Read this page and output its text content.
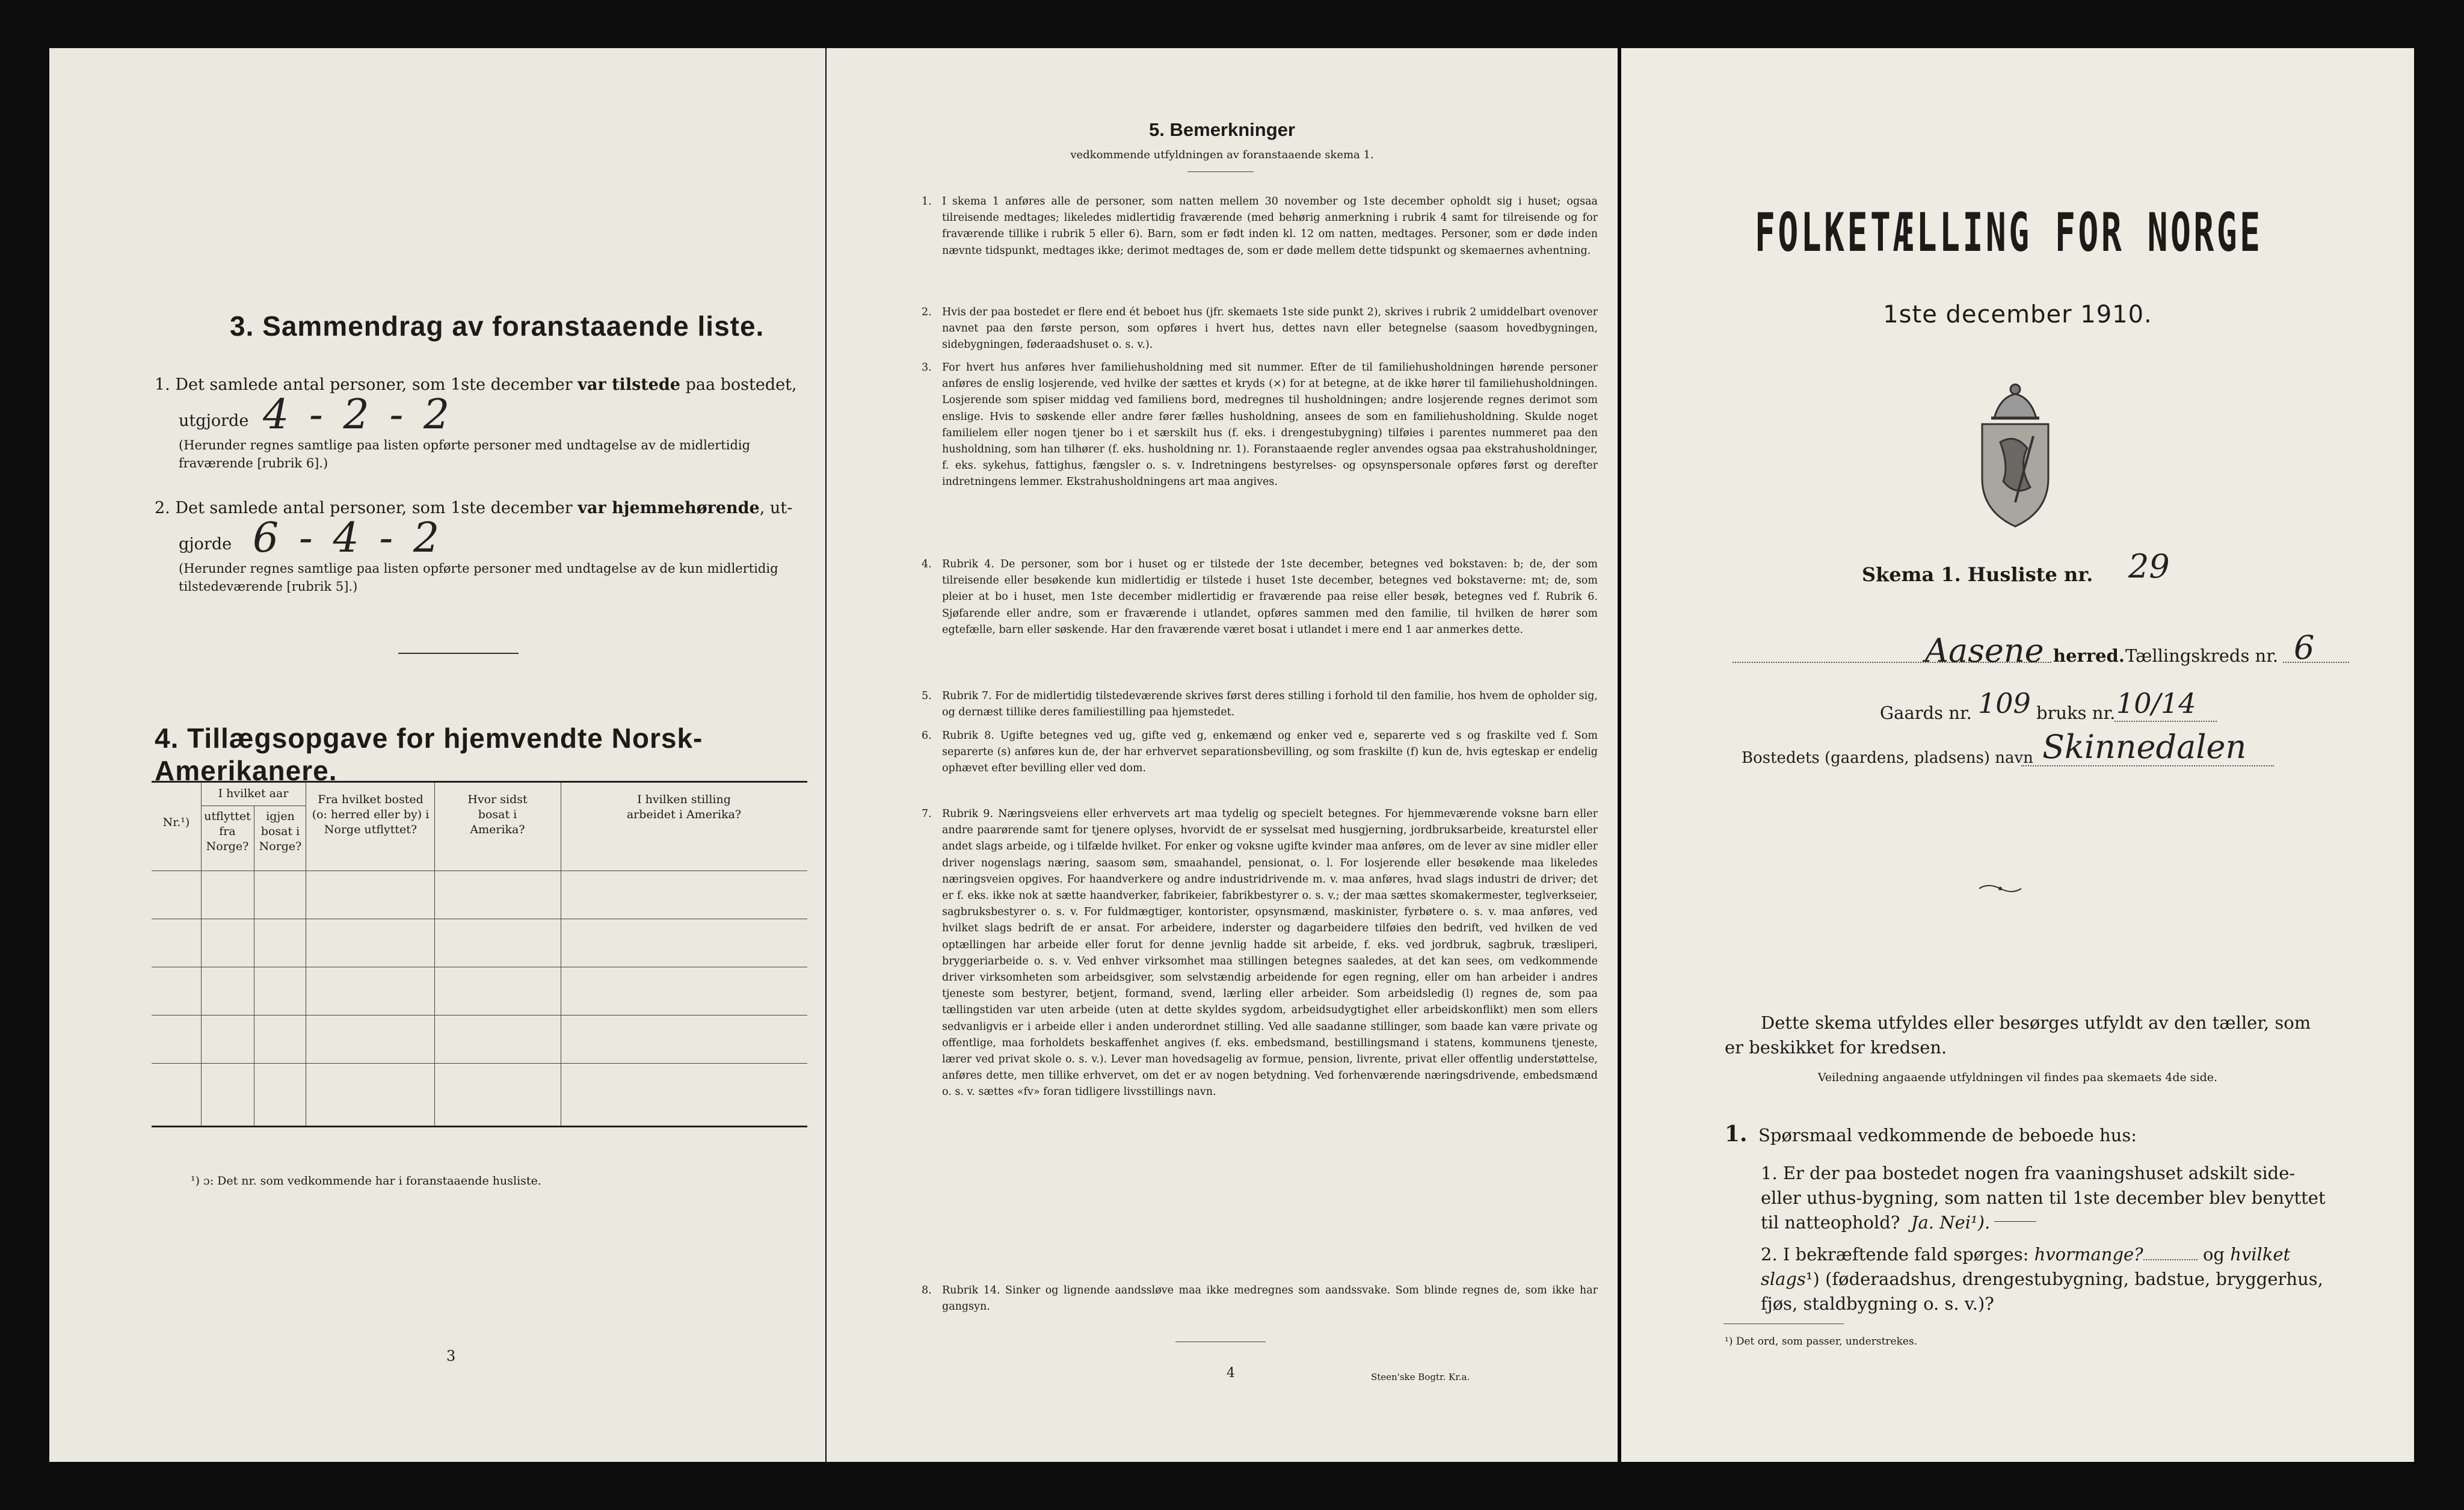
3. Sammendrag av foranstaaende liste.
1. Det samlede antal personer, som 1ste december var tilstede paa bostedet,
utgjorde 4 - 2 - 2
(Herunder regnes samtlige paa listen opførte personer med undtagelse av de midlertidig fraværende [rubrik 6].)
2. Det samlede antal personer, som 1ste december var hjemmehørende, ut-
gjorde 6 - 4 - 2
(Herunder regnes samtlige paa listen opførte personer med undtagelse av de kun midlertidig tilstedeværende [rubrik 5].)
4. Tillægsopgave for hjemvendte Norsk-Amerikanere.
Nr.¹)
I hvilket aar
utflyttet fra Norge?
igjen bosat i Norge?
Fra hvilket bosted (o: herred eller by) i Norge utflyttet?
Hvor sidst bosat i Amerika?
I hvilken stilling arbeidet i Amerika?
¹) ɔ: Det nr. som vedkommende har i foranstaaende husliste.
3
5. Bemerkninger
vedkommende utfyldningen av foranstaaende skema 1.
1. I skema 1 anføres alle de personer, som natten mellem 30 november og 1ste december opholdt sig i huset; ogsaa tilreisende medtages; likeledes midlertidig fraværende (med behørig anmerkning i rubrik 4 samt for tilreisende og for fraværende tillike i rubrik 5 eller 6). Barn, som er født inden kl. 12 om natten, medtages. Personer, som er døde inden nævnte tidspunkt, medtages ikke; derimot medtages de, som er døde mellem dette tidspunkt og skemaernes avhentning.
2. Hvis der paa bostedet er flere end ét beboet hus (jfr. skemaets 1ste side punkt 2), skrives i rubrik 2 umiddelbart ovenover navnet paa den første person, som opføres i hvert hus, dettes navn eller betegnelse (saasom hovedbygningen, sidebygningen, føderaadshuset o. s. v.).
3. For hvert hus anføres hver familiehusholdning med sit nummer. Efter de til familiehusholdningen hørende personer anføres de enslig losjerende, ved hvilke der sættes et kryds (×) for at betegne, at de ikke hører til familiehusholdningen. Losjerende som spiser middag ved familiens bord, medregnes til husholdningen; andre losjerende regnes derimot som enslige. Hvis to søskende eller andre fører fælles husholdning, ansees de som en familiehusholdning. Skulde noget familielem eller nogen tjener bo i et særskilt hus (f. eks. i drengestubygning) tilføies i parentes nummeret paa den husholdning, som han tilhører (f. eks. husholdning nr. 1). Foranstaaende regler anvendes ogsaa paa ekstrahusholdninger, f. eks. sykehus, fattighus, fængsler o. s. v. Indretningens bestyrelses- og opsynspersonale opføres først og derefter indretningens lemmer. Ekstrahusholdningens art maa angives.
4. Rubrik 4. De personer, som bor i huset og er tilstede der 1ste december, betegnes ved bokstaven: b; de, der som tilreisende eller besøkende kun midlertidig er tilstede i huset 1ste december, betegnes ved bokstaverne: mt; de, som pleier at bo i huset, men 1ste december midlertidig er fraværende paa reise eller besøk, betegnes ved f. Rubrik 6. Sjøfarende eller andre, som er fraværende i utlandet, opføres sammen med den familie, til hvilken de hører som egtefælle, barn eller søskende. Har den fraværende været bosat i utlandet i mere end 1 aar anmerkes dette.
5. Rubrik 7. For de midlertidig tilstedeværende skrives først deres stilling i forhold til den familie, hos hvem de opholder sig, og dernæst tillike deres familiestilling paa hjemstedet.
6. Rubrik 8. Ugifte betegnes ved ug, gifte ved g, enkemænd og enker ved e, separerte ved s og fraskilte ved f. Som separerte (s) anføres kun de, der har erhvervet separationsbevilling, og som fraskilte (f) kun de, hvis egteskap er endelig ophævet efter bevilling eller ved dom.
7. Rubrik 9. Næringsveiens eller erhvervets art maa tydelig og specielt betegnes. For hjemmeværende voksne barn eller andre paarørende samt for tjenere oplyses, hvorvidt de er sysselsat med husgjerning, jordbruksarbeide, kreaturstel eller andet slags arbeide, og i tilfælde hvilket. For enker og voksne ugifte kvinder maa anføres, om de lever av sine midler eller driver nogenslags næring, saasom søm, smaahandel, pensionat, o. l. For losjerende eller besøkende maa likeledes næringsveien opgives. For haandverkere og andre industridrivende m. v. maa anføres, hvad slags industri de driver; det er f. eks. ikke nok at sætte haandverker, fabrikeier, fabrikbestyrer o. s. v.; der maa sættes skomakermester, teglverkseier, sagbruksbestyrer o. s. v. For fuldmægtiger, kontorister, opsynsmænd, maskinister, fyrbøtere o. s. v. maa anføres, ved hvilket slags bedrift de er ansat. For arbeidere, inderster og dagarbeidere tilføies den bedrift, ved hvilken de ved optællingen har arbeide eller forut for denne jevnlig hadde sit arbeide, f. eks. ved jordbruk, sagbruk, træsliperi, bryggeriarbeide o. s. v. Ved enhver virksomhet maa stillingen betegnes saaledes, at det kan sees, om vedkommende driver virksomheten som arbeidsgiver, som selvstændig arbeidende for egen regning, eller om han arbeider i andres tjeneste som bestyrer, betjent, formand, svend, lærling eller arbeider. Som arbeidsledig (l) regnes de, som paa tællingstiden var uten arbeide (uten at dette skyldes sygdom, arbeidsudygtighet eller arbeidskonflikt) men som ellers sedvanligvis er i arbeide eller i anden underordnet stilling. Ved alle saadanne stillinger, som baade kan være private og offentlige, maa forholdets beskaffenhet angives (f. eks. embedsmand, bestillingsmand i statens, kommunens tjeneste, lærer ved privat skole o. s. v.). Lever man hovedsagelig av formue, pension, livrente, privat eller offentlig understøttelse, anføres dette, men tillike erhvervet, om det er av nogen betydning. Ved forhenværende næringsdrivende, embedsmænd o. s. v. sættes «fv» foran tidligere livsstillings navn.
8. Rubrik 14. Sinker og lignende aandssløve maa ikke medregnes som aandssvake. Som blinde regnes de, som ikke har gangsyn.
4	Steen'ske Bogtr. Kr.a.
FOLKETÆLLING FOR NORGE
1ste december 1910.
Skema 1. Husliste nr. 29
Aasene herred. Tællingskreds nr. 6
Gaards nr. 109 bruks nr. 10/14
Bostedets (gaardens, pladsens) navn Skinnedalen
Dette skema utfyldes eller besørges utfyldt av den tæller, som er beskikket for kredsen.
Veiledning angaaende utfyldningen vil findes paa skemaets 4de side.
1. Spørsmaal vedkommende de beboede hus:
1. Er der paa bostedet nogen fra vaaningshuset adskilt side- eller uthus-bygning, som natten til 1ste december blev benyttet til natteophold? Ja. Nei¹).
2. I bekræftende fald spørges: hvormange?	og hvilket slags¹) (føderaadshus, drengestubygning, badstue, bryggerhus, fjøs, staldbygning o. s. v.)?
¹) Det ord, som passer, understrekes.
